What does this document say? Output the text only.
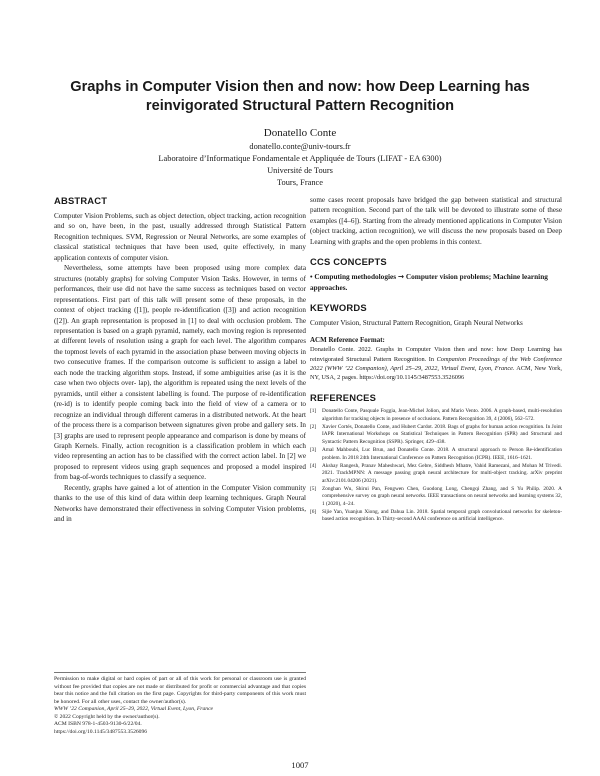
Graphs in Computer Vision then and now: how Deep Learning has reinvigorated Structural Pattern Recognition
Donatello Conte
donatello.conte@univ-tours.fr
Laboratoire d’Informatique Fondamentale et Appliquée de Tours (LIFAT - EA 6300)
Université de Tours
Tours, France
ABSTRACT

Computer Vision Problems, such as object detection, object tracking, action recognition and so on, have been, in the past, usually addressed through Statistical Pattern Recognition techniques. SVM, Regression or Neural Networks, are some examples of classical statistical techniques that have been used, quite effectively, in many application contexts of computer vision.

Nevertheless, some attempts have been proposed using more complex data structures (notably graphs) for solving Computer Vision Tasks. However, in terms of performances, their use did not have the same success as techniques based on vector representations. First part of this talk will present some of these proposals, in the context of object tracking ([1]), people re-identification ([3]) and action recognition ([2]). An graph representation is proposed in [1] to deal with occlusion problem. The representation is based on a graph pyramid, namely, each moving region is represented at different levels of resolution using a graph for each level. The algorithm compares the topmost levels of each pyramid in the association phase between moving objects in two consecutive frames. If the comparison outcome is sufficient to assign a label to each node the tracking algorithm stops. Instead, if some ambiguities arise (as it is the case when two objects over- lap), the algorithm is repeated using the next levels of the pyramids, until either a consistent labelling is found. The purpose of re-identification (re-id) is to identify people coming back into the field of view of a camera or to recognize an individual through different cameras in a distributed network. At the heart of the process there is a comparison between signatures given probe and gallery sets. In [3] graphs are used to represent people appearance and comparison is done by means of Graph Kernels. Finally, action recognition is a classification problem in which each video representing an action has to be classified with the correct action label. In [2] we proposed to represent videos using graph sequences and proposed a model inspired from bag-of-words techniques to classify a sequence.

Recently, graphs have gained a lot of attention in the Computer Vision community thanks to the use of this kind of data within deep learning techniques. Graph Neural Networks have demonstrated their effectiveness in solving Computer Vision problems, and in

some cases recent proposals have bridged the gap between statistical and structural pattern recognition. Second part of the talk will be devoted to illustrate some of these examples ([4–6]). Starting from the already mentioned applications in Computer Vision (object tracking, action recognition), we will discuss the new proposals based on Deep Learning with graphs and the open problems in this context.

CCS CONCEPTS

• Computing methodologies → Computer vision problems; Machine learning approaches.

KEYWORDS

Computer Vision, Structural Pattern Recognition, Graph Neural Networks

ACM Reference Format:

Donatello Conte. 2022. Graphs in Computer Vision then and now: how Deep Learning has reinvigorated Structural Pattern Recognition. In Companion Proceedings of the Web Conference 2022 (WWW ’22 Companion), April 25–29, 2022, Virtual Event, Lyon, France. ACM, New York, NY, USA, 2 pages. https://doi.org/10.1145/3487553.3526096

REFERENCES
[1]	Donatello Conte, Pasquale Foggia, Jean-Michel Jolion, and Mario Vento. 2006. A graph-based, multi-resolution algorithm for tracking objects in presence of occlusions. Pattern Recognition 39, 4 (2006), 562–572.
[2]	Xavier Cortés, Donatello Conte, and Hubert Cardot. 2018. Bags of graphs for human action recognition. In Joint IAPR International Workshops on Statistical Techniques in Pattern Recognition (SPR) and Structural and Syntactic Pattern Recognition (SSPR). Springer, 429–438.
[3]	Amal Mahboubi, Luc Brun, and Donatello Conte. 2018. A structural approach to Person Re-identification problem. In 2018 24th International Conference on Pattern Recognition (ICPR). IEEE, 1616–1621.
[4]	Akshay Rangesh, Pranav Maheshwari, Mez Gebre, Siddhesh Mhatre, Vahid Ramezani, and Mohan M Trivedi. 2021. TrackMPNN: A message passing graph neural architecture for multi-object tracking. arXiv preprint arXiv:2101.04206 (2021).
[5]	Zonghan Wu, Shirui Pan, Fengwen Chen, Guodong Long, Chengqi Zhang, and S Yu Philip. 2020. A comprehensive survey on graph neural networks. IEEE transactions on neural networks and learning systems 32, 1 (2020), 4–24.
[6]	Sijie Yan, Yuanjun Xiong, and Dahua Lin. 2018. Spatial temporal graph convolutional networks for skeleton-based action recognition. In Thirty-second AAAI conference on artificial intelligence.

Permission to make digital or hard copies of part or all of this work for personal or classroom use is granted without fee provided that copies are not made or distributed for profit or commercial advantage and that copies bear this notice and the full citation on the first page. Copyrights for third-party components of this work must be honored. For all other uses, contact the owner/author(s).

WWW ’22 Companion, April 25–29, 2022, Virtual Event, Lyon, France

© 2022 Copyright held by the owner/author(s).

ACM ISBN 978-1-4503-9130-6/22/04.

https://doi.org/10.1145/3487553.3526096

1007
